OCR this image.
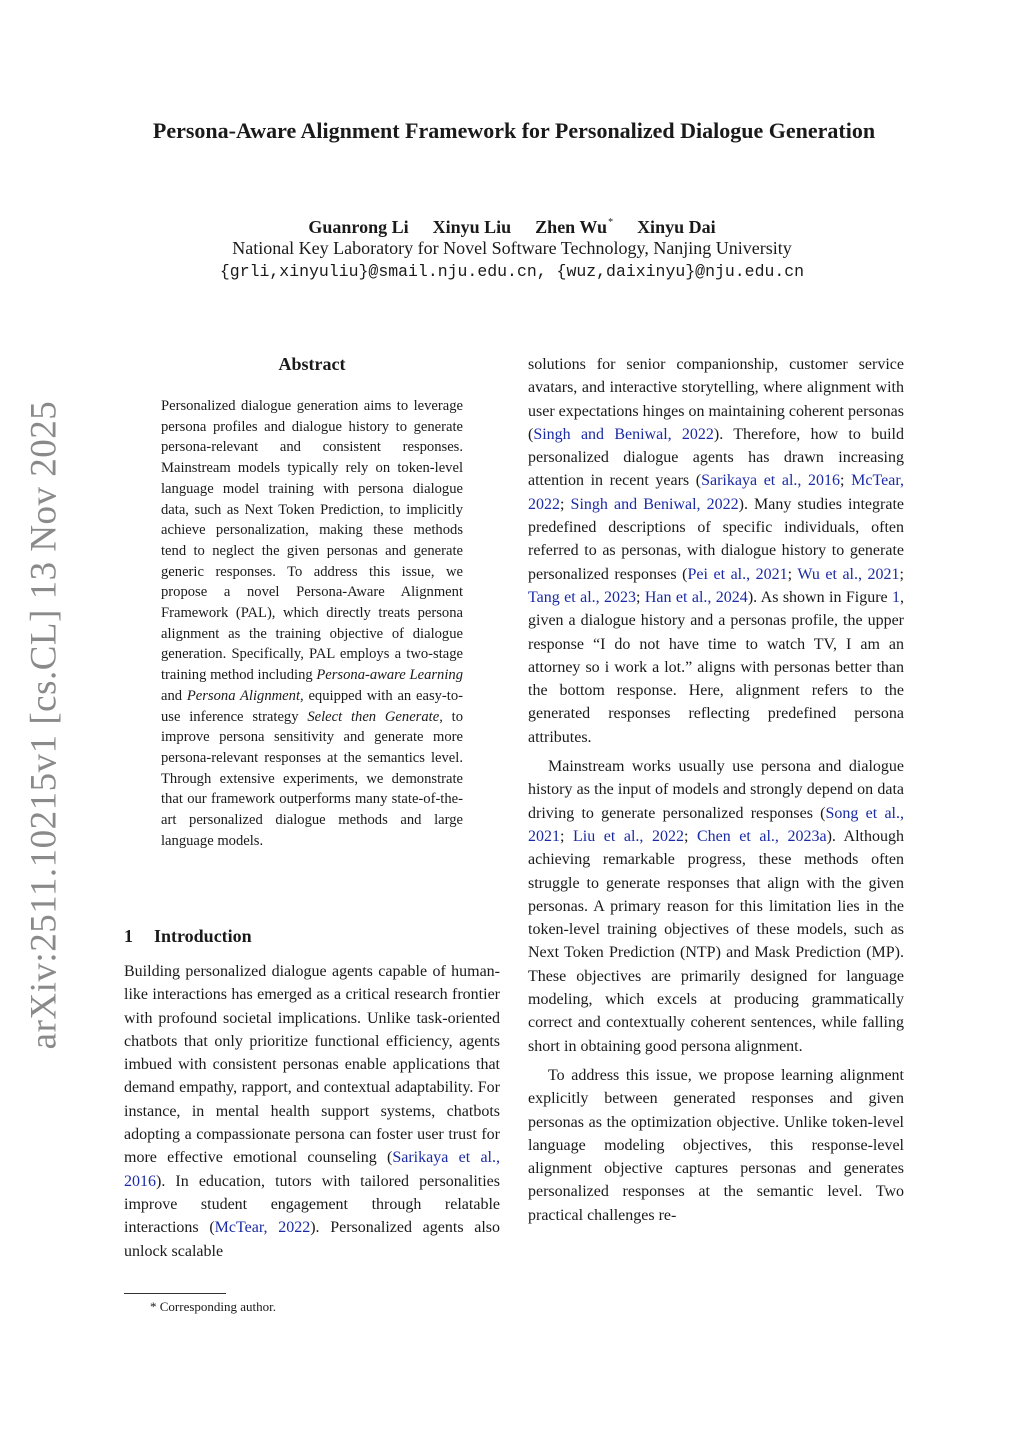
arXiv:2511.10215v1 [cs.CL] 13 Nov 2025
Persona-Aware Alignment Framework for Personalized Dialogue Generation
Guanrong Li Xinyu Liu Zhen Wu* Xinyu Dai
National Key Laboratory for Novel Software Technology, Nanjing University
{grli,xinyuliu}@smail.nju.edu.cn, {wuz,daixinyu}@nju.edu.cn
Abstract

Personalized dialogue generation aims to leverage persona profiles and dialogue history to generate persona-relevant and consistent responses. Mainstream models typically rely on token-level language model training with persona dialogue data, such as Next Token Prediction, to implicitly achieve personalization, making these methods tend to neglect the given personas and generate generic responses. To address this issue, we propose a novel Persona-Aware Alignment Framework (PAL), which directly treats persona alignment as the training objective of dialogue generation. Specifically, PAL employs a two-stage training method including Persona-aware Learning and Persona Alignment, equipped with an easy-to-use inference strategy Select then Generate, to improve persona sensitivity and generate more persona-relevant responses at the semantics level. Through extensive experiments, we demonstrate that our framework outperforms many state-of-the-art personalized dialogue methods and large language models.

1 Introduction

Building personalized dialogue agents capable of human-like interactions has emerged as a critical research frontier with profound societal implications. Unlike task-oriented chatbots that only prioritize functional efficiency, agents imbued with consistent personas enable applications that demand empathy, rapport, and contextual adaptability. For instance, in mental health support systems, chatbots adopting a compassionate persona can foster user trust for more effective emotional counseling (Sarikaya et al., 2016). In education, tutors with tailored personalities improve student engagement through relatable interactions (McTear, 2022). Personalized agents also unlock scalable

solutions for senior companionship, customer service avatars, and interactive storytelling, where alignment with user expectations hinges on maintaining coherent personas (Singh and Beniwal, 2022). Therefore, how to build personalized dialogue agents has drawn increasing attention in recent years (Sarikaya et al., 2016; McTear, 2022; Singh and Beniwal, 2022). Many studies integrate predefined descriptions of specific individuals, often referred to as personas, with dialogue history to generate personalized responses (Pei et al., 2021; Wu et al., 2021; Tang et al., 2023; Han et al., 2024). As shown in Figure 1, given a dialogue history and a personas profile, the upper response “I do not have time to watch TV, I am an attorney so i work a lot.” aligns with personas better than the bottom response. Here, alignment refers to the generated responses reflecting predefined persona attributes.

Mainstream works usually use persona and dialogue history as the input of models and strongly depend on data driving to generate personalized responses (Song et al., 2021; Liu et al., 2022; Chen et al., 2023a). Although achieving remarkable progress, these methods often struggle to generate responses that align with the given personas. A primary reason for this limitation lies in the token-level training objectives of these models, such as Next Token Prediction (NTP) and Mask Prediction (MP). These objectives are primarily designed for language modeling, which excels at producing grammatically correct and contextually coherent sentences, while falling short in obtaining good persona alignment.

To address this issue, we propose learning alignment explicitly between generated responses and given personas as the optimization objective. Unlike token-level language modeling objectives, this response-level alignment objective captures personas and generates personalized responses at the semantic level. Two practical challenges re-

* Corresponding author.
